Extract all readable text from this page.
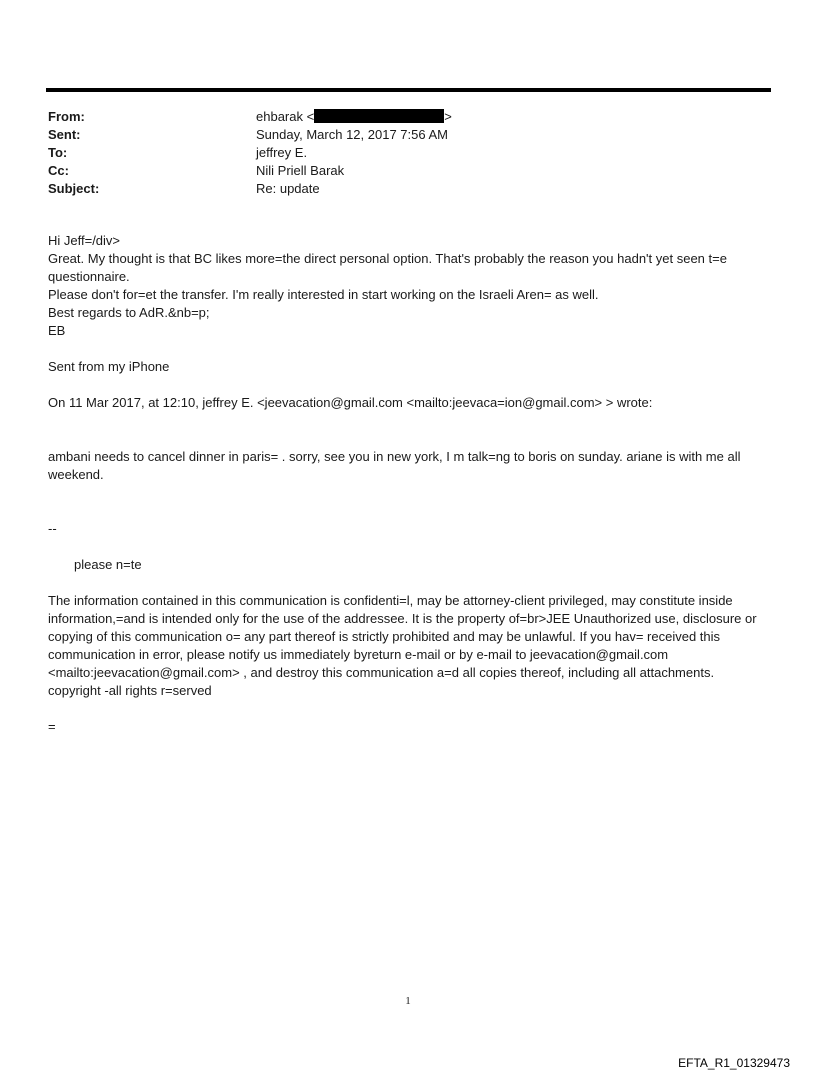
From:	ehbarak <	>
Sent:	Sunday, March 12, 2017 7:56 AM
To:	jeffrey E.
Cc:	Nili Priell Barak
Subject:	Re: update

Hi Jeff=/div>

Great. My thought is that BC likes more=the direct personal option. That's probably the reason you hadn't yet seen t=e questionnaire.

Please don't for=et the transfer. I'm really interested in start working on the Israeli Aren= as well.

Best regards to AdR.&nb=p;

EB

Sent from my iPhone

On 11 Mar 2017, at 12:10, jeffrey E. <jeevacation@gmail.com <mailto:jeevaca=ion@gmail.com> > wrote:

ambani needs to cancel dinner in paris= . sorry, see you in new york, I m talk=ng to boris on sunday. ariane is with me all weekend.

--

please n=te

The information contained in this communication is confidenti=l, may be attorney-client privileged, may constitute inside information,=and is intended only for the use of the addressee. It is the property of=br>JEE Unauthorized use, disclosure or copying of this communication o= any part thereof is strictly prohibited and may be unlawful. If you hav= received this communication in error, please notify us immediately byreturn e-mail or by e-mail to jeevacation@gmail.com <mailto:jeevacation@gmail.com> , and destroy this communication a=d all copies thereof, including all attachments. copyright -all rights r=served

=

1
EFTA_R1_01329473
